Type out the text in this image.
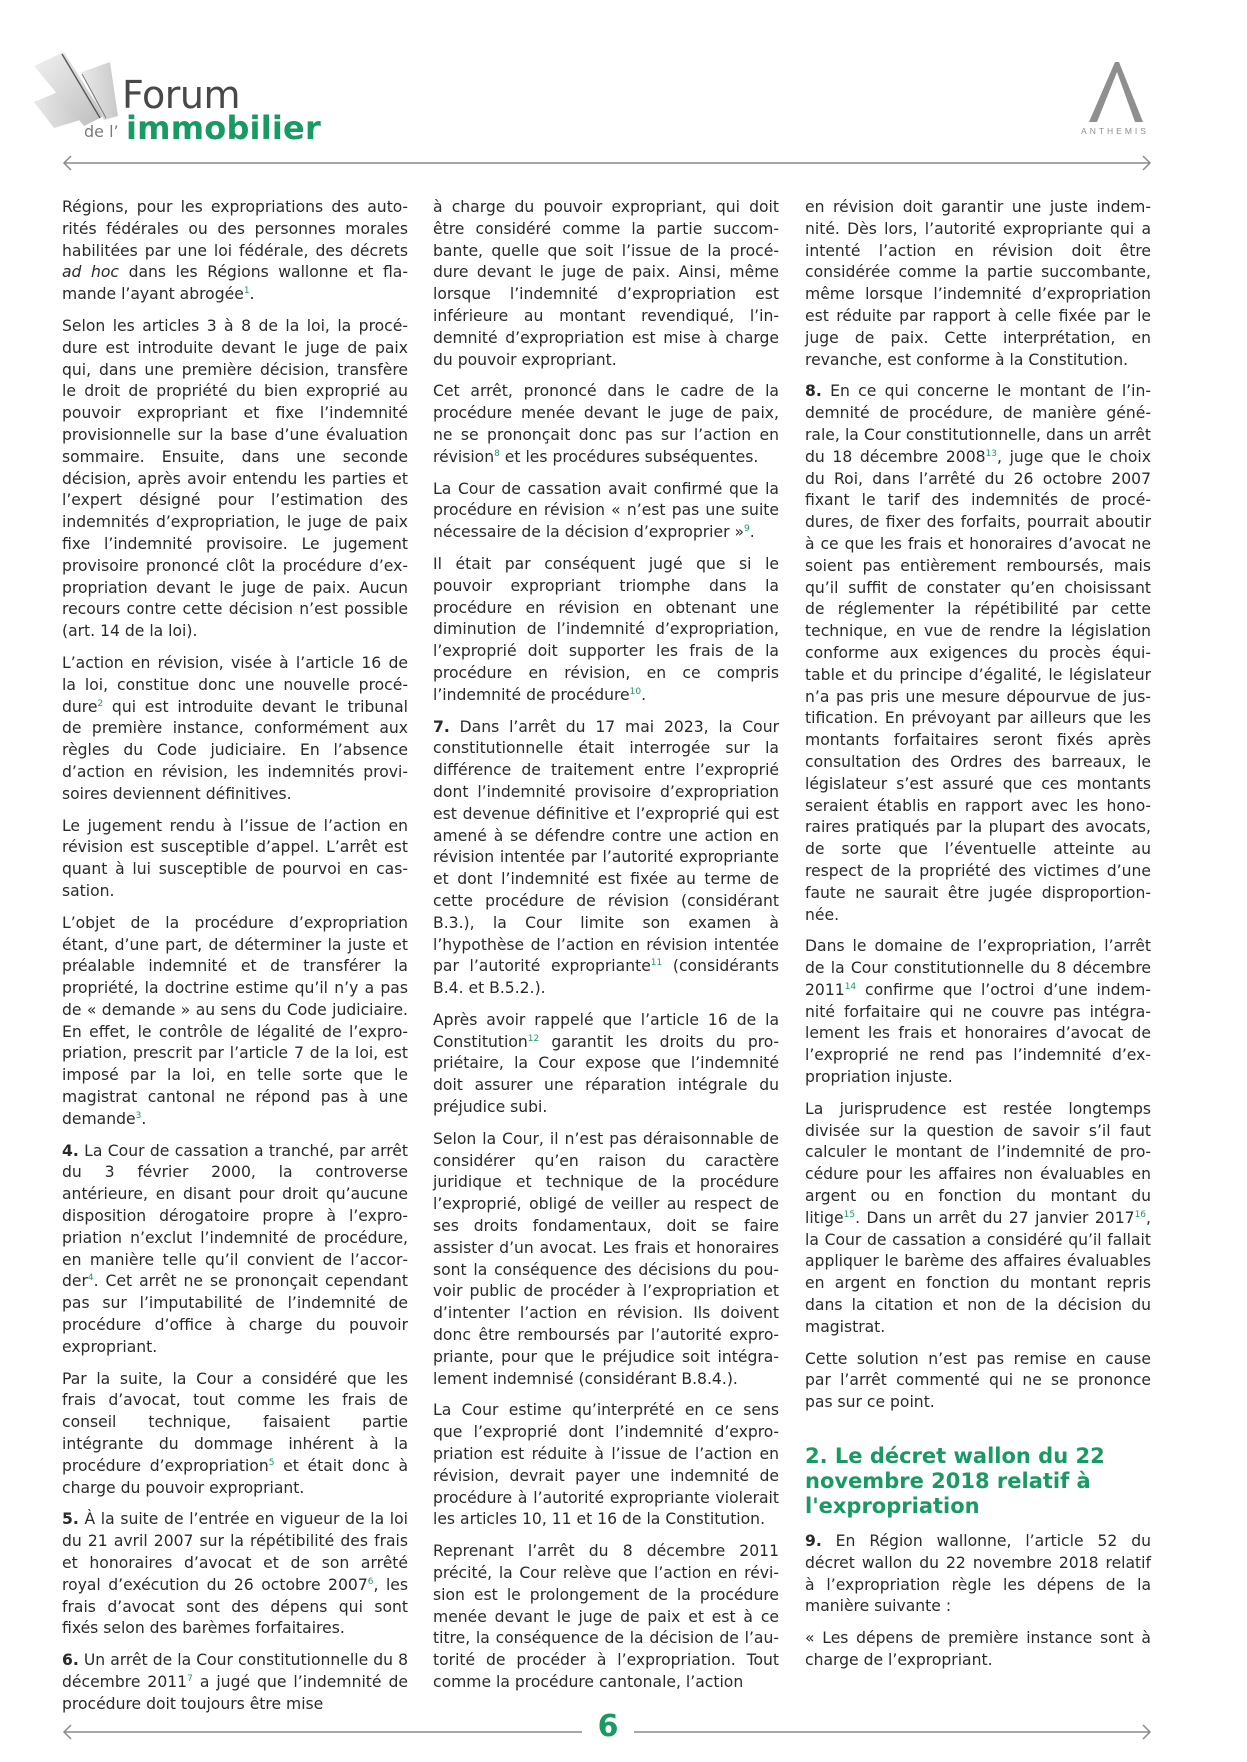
Forum
de l’ immobilier	ANTHEMIS

Régions, pour les expropriations des autorités fédérales ou des personnes morales habilitées par une loi fédérale, des décrets ad hoc dans les Régions wallonne et flamande l’ayant abrogée$^1$.

Selon les articles 3 à 8 de la loi, la procédure est introduite devant le juge de paix qui, dans une première décision, transfère le droit de propriété du bien exproprié au pouvoir expropriant et fixe l’indemnité provisionnelle sur la base d’une évaluation sommaire. Ensuite, dans une seconde décision, après avoir entendu les parties et l’expert désigné pour l’estimation des indemnités d’expropriation, le juge de paix fixe l’indemnité provisoire. Le jugement provisoire prononcé clôt la procédure d’expropriation devant le juge de paix. Aucun recours contre cette décision n’est possible (art. 14 de la loi).

L’action en révision, visée à l’article 16 de la loi, constitue donc une nouvelle procédure$^2$ qui est introduite devant le tribunal de première instance, conformément aux règles du Code judiciaire. En l’absence d’action en révision, les indemnités provisoires deviennent définitives.

Le jugement rendu à l’issue de l’action en révision est susceptible d’appel. L’arrêt est quant à lui susceptible de pourvoi en cassation.

L’objet de la procédure d’expropriation étant, d’une part, de déterminer la juste et préalable indemnité et de transférer la propriété, la doctrine estime qu’il n’y a pas de « demande » au sens du Code judiciaire. En effet, le contrôle de légalité de l’expropriation, prescrit par l’article 7 de la loi, est imposé par la loi, en telle sorte que le magistrat cantonal ne répond pas à une demande$^3$.

4. La Cour de cassation a tranché, par arrêt du 3 février 2000, la controverse antérieure, en disant pour droit qu’aucune disposition dérogatoire propre à l’expropriation n’exclut l’indemnité de procédure, en manière telle qu’il convient de l’accorder$^4$. Cet arrêt ne se prononçait cependant pas sur l’imputabilité de l’indemnité de procédure d’office à charge du pouvoir expropriant.

Par la suite, la Cour a considéré que les frais d’avocat, tout comme les frais de conseil technique, faisaient partie intégrante du dommage inhérent à la procédure d’expropriation$^5$ et était donc à charge du pouvoir expropriant.

5. À la suite de l’entrée en vigueur de la loi du 21 avril 2007 sur la répétibilité des frais et honoraires d’avocat et de son arrêté royal d’exécution du 26 octobre 2007$^6$, les frais d’avocat sont des dépens qui sont fixés selon des barèmes forfaitaires.

6. Un arrêt de la Cour constitutionnelle du 8 décembre 2011$^7$ a jugé que l’indemnité de procédure doit toujours être mise

à charge du pouvoir expropriant, qui doit être considéré comme la partie succombante, quelle que soit l’issue de la procédure devant le juge de paix. Ainsi, même lorsque l’indemnité d’expropriation est inférieure au montant revendiqué, l’indemnité d’expropriation est mise à charge du pouvoir expropriant.

Cet arrêt, prononcé dans le cadre de la procédure menée devant le juge de paix, ne se prononçait donc pas sur l’action en révision$^8$ et les procédures subséquentes.

La Cour de cassation avait confirmé que la procédure en révision « n’est pas une suite nécessaire de la décision d’exproprier »$^9$.

Il était par conséquent jugé que si le pouvoir expropriant triomphe dans la procédure en révision en obtenant une diminution de l’indemnité d’expropriation, l’exproprié doit supporter les frais de la procédure en révision, en ce compris l’indemnité de procédure$^{10}$.

7. Dans l’arrêt du 17 mai 2023, la Cour constitutionnelle était interrogée sur la différence de traitement entre l’exproprié dont l’indemnité provisoire d’expropriation est devenue définitive et l’exproprié qui est amené à se défendre contre une action en révision intentée par l’autorité expropriante et dont l’indemnité est fixée au terme de cette procédure de révision (considérant B.3.), la Cour limite son examen à l’hypothèse de l’action en révision intentée par l’autorité expropriante$^{11}$ (considérants B.4. et B.5.2.).

Après avoir rappelé que l’article 16 de la Constitution$^{12}$ garantit les droits du propriétaire, la Cour expose que l’indemnité doit assurer une réparation intégrale du préjudice subi.

Selon la Cour, il n’est pas déraisonnable de considérer qu’en raison du caractère juridique et technique de la procédure l’exproprié, obligé de veiller au respect de ses droits fondamentaux, doit se faire assister d’un avocat. Les frais et honoraires sont la conséquence des décisions du pouvoir public de procéder à l’expropriation et d’intenter l’action en révision. Ils doivent donc être remboursés par l’autorité expropriante, pour que le préjudice soit intégralement indemnisé (considérant B.8.4.).

La Cour estime qu’interprété en ce sens que l’exproprié dont l’indemnité d’expropriation est réduite à l’issue de l’action en révision, devrait payer une indemnité de procédure à l’autorité expropriante violerait les articles 10, 11 et 16 de la Constitution.

Reprenant l’arrêt du 8 décembre 2011 précité, la Cour relève que l’action en révision est le prolongement de la procédure menée devant le juge de paix et est à ce titre, la conséquence de la décision de l’autorité de procéder à l’expropriation. Tout comme la procédure cantonale, l’action

en révision doit garantir une juste indemnité. Dès lors, l’autorité expropriante qui a intenté l’action en révision doit être considérée comme la partie succombante, même lorsque l’indemnité d’expropriation est réduite par rapport à celle fixée par le juge de paix. Cette interprétation, en revanche, est conforme à la Constitution.

8. En ce qui concerne le montant de l’indemnité de procédure, de manière générale, la Cour constitutionnelle, dans un arrêt du 18 décembre 2008$^{13}$, juge que le choix du Roi, dans l’arrêté du 26 octobre 2007 fixant le tarif des indemnités de procédures, de fixer des forfaits, pourrait aboutir à ce que les frais et honoraires d’avocat ne soient pas entièrement remboursés, mais qu’il suffit de constater qu’en choisissant de réglementer la répétibilité par cette technique, en vue de rendre la législation conforme aux exigences du procès équitable et du principe d’égalité, le législateur n’a pas pris une mesure dépourvue de justification. En prévoyant par ailleurs que les montants forfaitaires seront fixés après consultation des Ordres des barreaux, le législateur s’est assuré que ces montants seraient établis en rapport avec les honoraires pratiqués par la plupart des avocats, de sorte que l’éventuelle atteinte au respect de la propriété des victimes d’une faute ne saurait être jugée disproportionnée.

Dans le domaine de l’expropriation, l’arrêt de la Cour constitutionnelle du 8 décembre 2011$^{14}$ confirme que l’octroi d’une indemnité forfaitaire qui ne couvre pas intégralement les frais et honoraires d’avocat de l’exproprié ne rend pas l’indemnité d’expropriation injuste.

La jurisprudence est restée longtemps divisée sur la question de savoir s’il faut calculer le montant de l’indemnité de procédure pour les affaires non évaluables en argent ou en fonction du montant du litige$^{15}$. Dans un arrêt du 27 janvier 2017$^{16}$, la Cour de cassation a considéré qu’il fallait appliquer le barème des affaires évaluables en argent en fonction du montant repris dans la citation et non de la décision du magistrat.

Cette solution n’est pas remise en cause par l’arrêt commenté qui ne se prononce pas sur ce point.

2. Le décret wallon du 22 novembre 2018 relatif à l'expropriation

9. En Région wallonne, l’article 52 du décret wallon du 22 novembre 2018 relatif à l’expropriation règle les dépens de la manière suivante :

« Les dépens de première instance sont à charge de l’expropriant.

6
